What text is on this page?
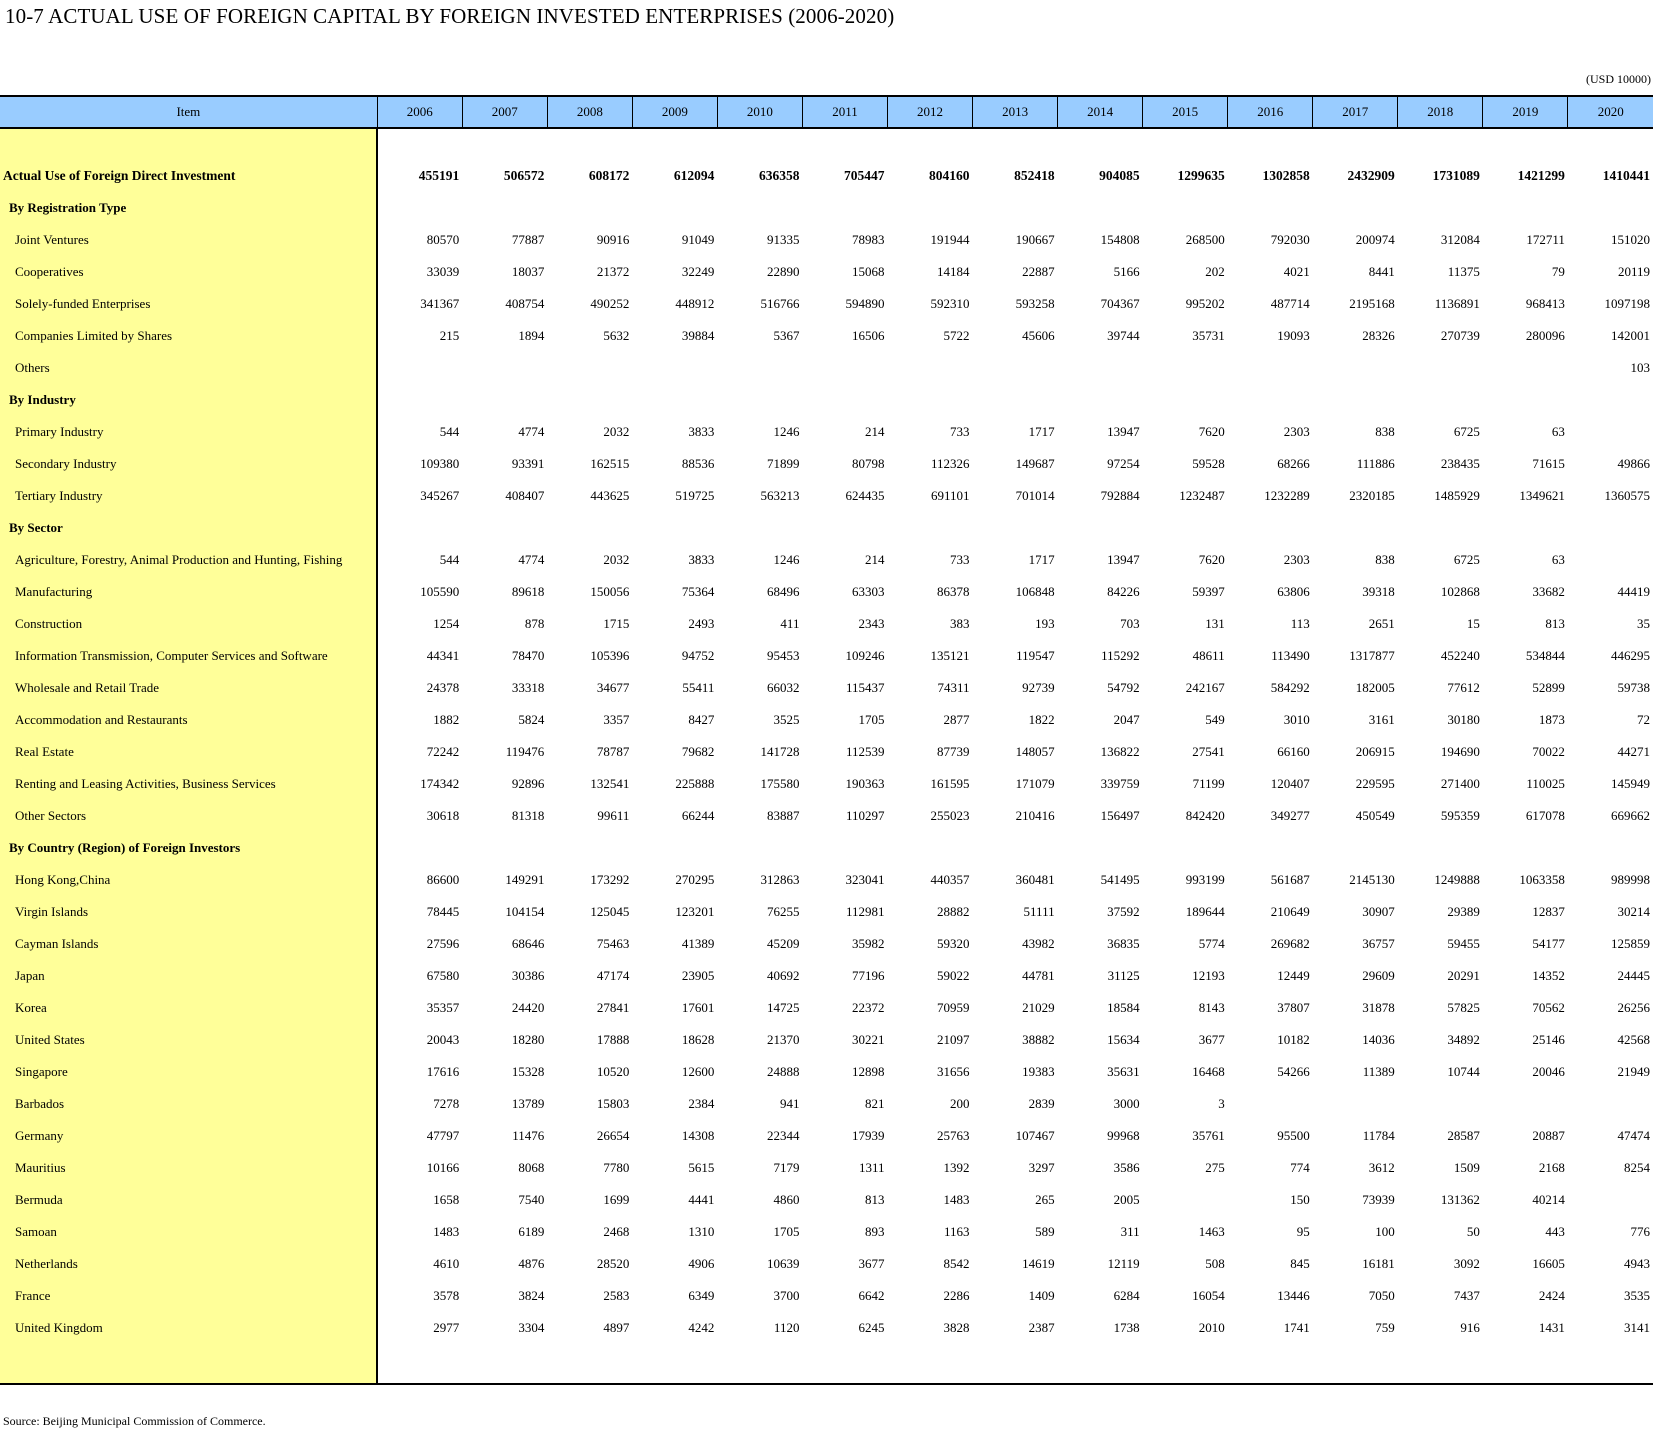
10-7 ACTUAL USE OF FOREIGN CAPITAL BY FOREIGN INVESTED ENTERPRISES (2006-2020)
(USD 10000)
Item	2006	2007	2008	2009	2010	2011	2012	2013	2014	2015	2016	2017	2018	2019	2020

Actual Use of Foreign Direct Investment	455191	506572	608172	612094	636358	705447	804160	852418	904085	1299635	1302858	2432909	1731089	1421299	1410441
By Registration Type															
Joint Ventures	80570	77887	90916	91049	91335	78983	191944	190667	154808	268500	792030	200974	312084	172711	151020
Cooperatives	33039	18037	21372	32249	22890	15068	14184	22887	5166	202	4021	8441	11375	79	20119
Solely-funded Enterprises	341367	408754	490252	448912	516766	594890	592310	593258	704367	995202	487714	2195168	1136891	968413	1097198
Companies Limited by Shares	215	1894	5632	39884	5367	16506	5722	45606	39744	35731	19093	28326	270739	280096	142001
Others															103
By Industry															
Primary Industry	544	4774	2032	3833	1246	214	733	1717	13947	7620	2303	838	6725	63	
Secondary Industry	109380	93391	162515	88536	71899	80798	112326	149687	97254	59528	68266	111886	238435	71615	49866
Tertiary Industry	345267	408407	443625	519725	563213	624435	691101	701014	792884	1232487	1232289	2320185	1485929	1349621	1360575
By Sector															
Agriculture, Forestry, Animal Production and Hunting, Fishing	544	4774	2032	3833	1246	214	733	1717	13947	7620	2303	838	6725	63	
Manufacturing	105590	89618	150056	75364	68496	63303	86378	106848	84226	59397	63806	39318	102868	33682	44419
Construction	1254	878	1715	2493	411	2343	383	193	703	131	113	2651	15	813	35
Information Transmission, Computer Services and Software	44341	78470	105396	94752	95453	109246	135121	119547	115292	48611	113490	1317877	452240	534844	446295
Wholesale and Retail Trade	24378	33318	34677	55411	66032	115437	74311	92739	54792	242167	584292	182005	77612	52899	59738
Accommodation and Restaurants	1882	5824	3357	8427	3525	1705	2877	1822	2047	549	3010	3161	30180	1873	72
Real Estate	72242	119476	78787	79682	141728	112539	87739	148057	136822	27541	66160	206915	194690	70022	44271
Renting and Leasing Activities, Business Services	174342	92896	132541	225888	175580	190363	161595	171079	339759	71199	120407	229595	271400	110025	145949
Other Sectors	30618	81318	99611	66244	83887	110297	255023	210416	156497	842420	349277	450549	595359	617078	669662
By Country (Region) of Foreign Investors															
Hong Kong,China	86600	149291	173292	270295	312863	323041	440357	360481	541495	993199	561687	2145130	1249888	1063358	989998
Virgin Islands	78445	104154	125045	123201	76255	112981	28882	51111	37592	189644	210649	30907	29389	12837	30214
Cayman Islands	27596	68646	75463	41389	45209	35982	59320	43982	36835	5774	269682	36757	59455	54177	125859
Japan	67580	30386	47174	23905	40692	77196	59022	44781	31125	12193	12449	29609	20291	14352	24445
Korea	35357	24420	27841	17601	14725	22372	70959	21029	18584	8143	37807	31878	57825	70562	26256
United States	20043	18280	17888	18628	21370	30221	21097	38882	15634	3677	10182	14036	34892	25146	42568
Singapore	17616	15328	10520	12600	24888	12898	31656	19383	35631	16468	54266	11389	10744	20046	21949
Barbados	7278	13789	15803	2384	941	821	200	2839	3000	3					
Germany	47797	11476	26654	14308	22344	17939	25763	107467	99968	35761	95500	11784	28587	20887	47474
Mauritius	10166	8068	7780	5615	7179	1311	1392	3297	3586	275	774	3612	1509	2168	8254
Bermuda	1658	7540	1699	4441	4860	813	1483	265	2005		150	73939	131362	40214	
Samoan	1483	6189	2468	1310	1705	893	1163	589	311	1463	95	100	50	443	776
Netherlands	4610	4876	28520	4906	10639	3677	8542	14619	12119	508	845	16181	3092	16605	4943
France	3578	3824	2583	6349	3700	6642	2286	1409	6284	16054	13446	7050	7437	2424	3535
United Kingdom	2977	3304	4897	4242	1120	6245	3828	2387	1738	2010	1741	759	916	1431	3141

Source: Beijing Municipal Commission of Commerce.
